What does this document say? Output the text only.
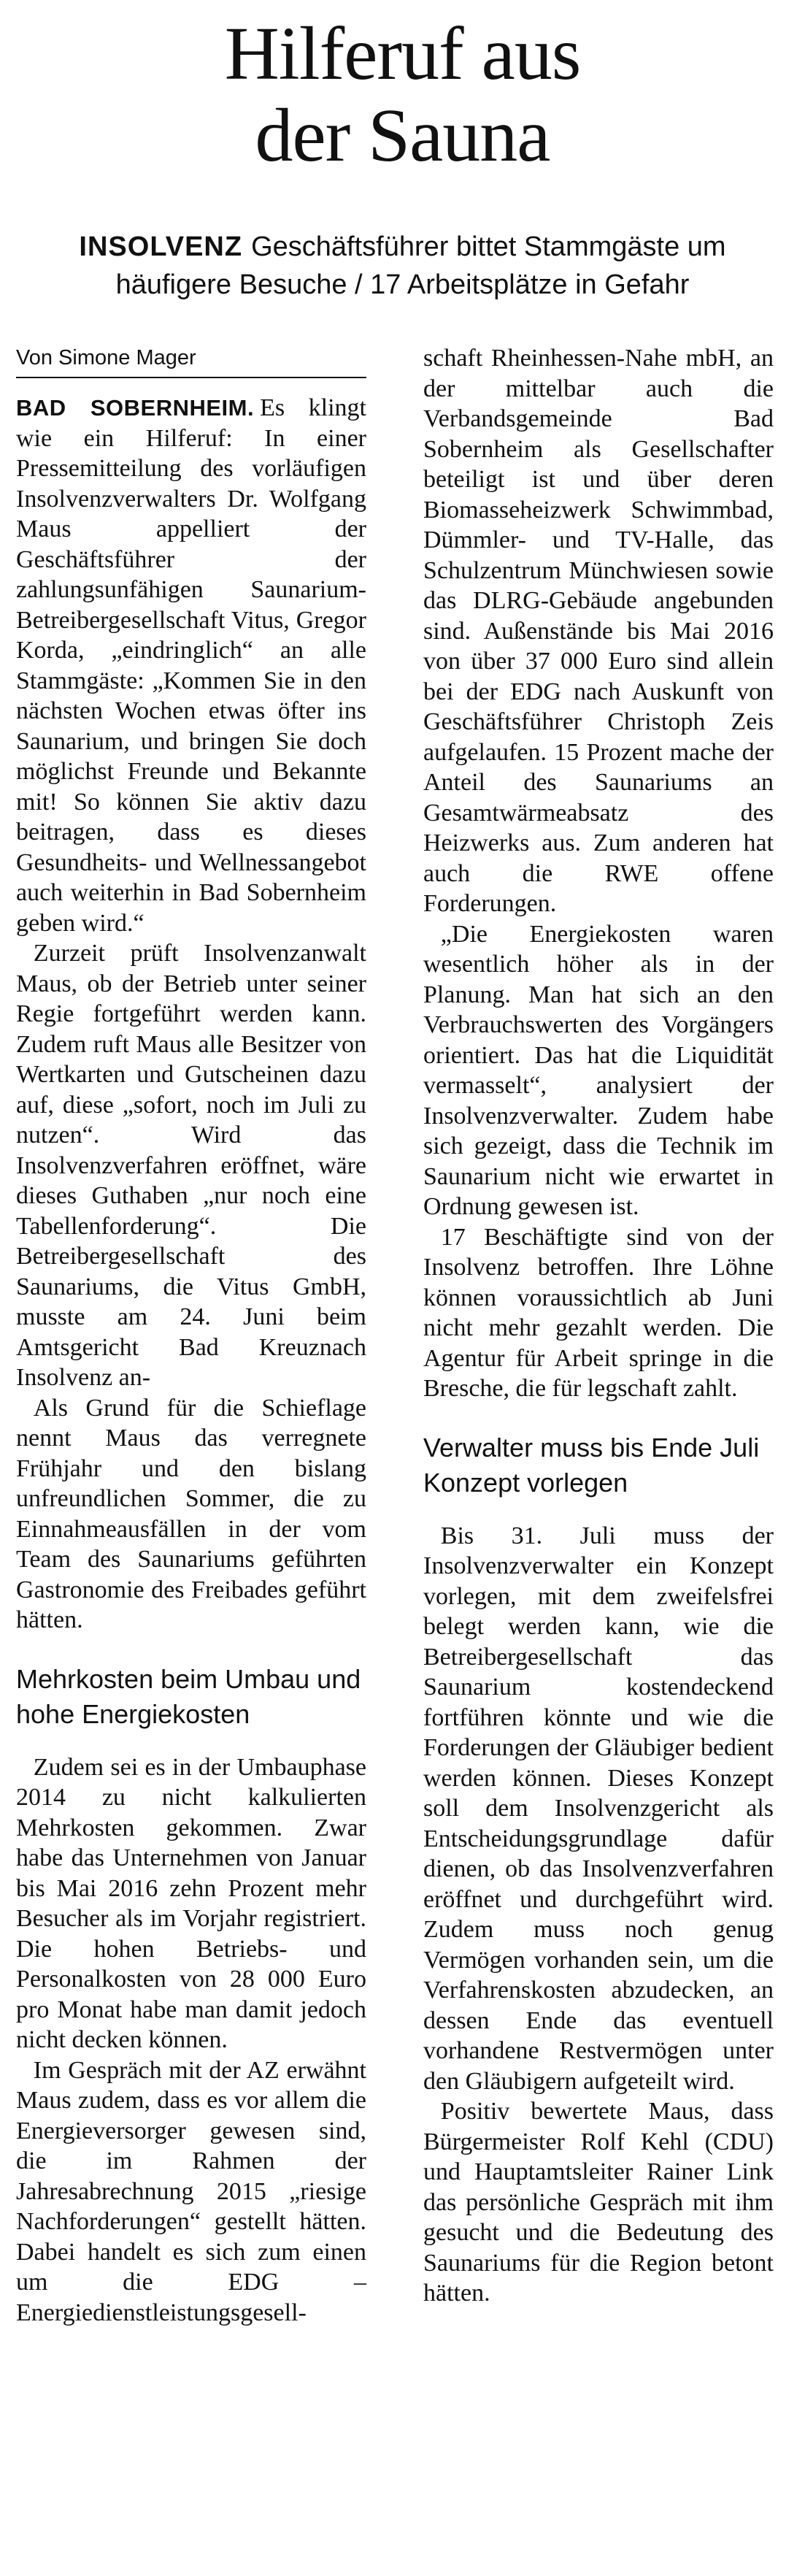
Hilferuf aus
der Sauna
INSOLVENZ Geschäftsführer bittet Stammgäste um häufigere Besuche / 17 Arbeitsplätze in Gefahr
Von Simone Mager

BAD SOBERNHEIM. Es klingt wie ein Hilferuf: In einer Pressemitteilung des vorläufigen Insolvenzverwalters Dr. Wolfgang Maus appelliert der Geschäftsführer der zahlungsunfähigen Saunarium-Betreibergesellschaft Vitus, Gregor Korda, „eindringlich“ an alle Stammgäste: „Kommen Sie in den nächsten Wochen etwas öfter ins Saunarium, und bringen Sie doch möglichst Freunde und Bekannte mit! So können Sie aktiv dazu beitragen, dass es dieses Gesundheits- und Wellnessangebot auch weiterhin in Bad Sobernheim geben wird.“

Zurzeit prüft Insolvenzanwalt Maus, ob der Betrieb unter seiner Regie fortgeführt werden kann. Zudem ruft Maus alle Besitzer von Wertkarten und Gutscheinen dazu auf, diese „sofort, noch im Juli zu nutzen“. Wird das Insolvenzverfahren eröffnet, wäre dieses Guthaben „nur noch eine Tabellenforderung“. Die Betreibergesellschaft des Saunariums, die Vitus GmbH, musste am 24. Juni beim Amtsgericht Bad Kreuznach Insolvenz an-

Als Grund für die Schieflage nennt Maus das verregnete Frühjahr und den bislang unfreundlichen Sommer, die zu Einnahmeausfällen in der vom Team des Saunariums geführten Gastronomie des Freibades geführt hätten.

Mehrkosten beim Umbau und hohe Energiekosten

Zudem sei es in der Umbauphase 2014 zu nicht kalkulierten Mehrkosten gekommen. Zwar habe das Unternehmen von Januar bis Mai 2016 zehn Prozent mehr Besucher als im Vorjahr registriert. Die hohen Betriebs- und Personalkosten von 28 000 Euro pro Monat habe man damit jedoch nicht decken können.

Im Gespräch mit der AZ erwähnt Maus zudem, dass es vor allem die Energieversorger gewesen sind, die im Rahmen der Jahresabrechnung 2015 „riesige Nachforderungen“ gestellt hätten. Dabei handelt es sich zum einen um die EDG – Energiedienstleistungsgesell-

schaft Rheinhessen-Nahe mbH, an der mittelbar auch die Verbandsgemeinde Bad Sobernheim als Gesellschafter beteiligt ist und über deren Biomasseheizwerk Schwimmbad, Dümmler- und TV-Halle, das Schulzentrum Münchwiesen sowie das DLRG-Gebäude angebunden sind. Außenstände bis Mai 2016 von über 37 000 Euro sind allein bei der EDG nach Auskunft von Geschäftsführer Christoph Zeis aufgelaufen. 15 Prozent mache der Anteil des Saunariums an Gesamtwärmeabsatz des Heizwerks aus. Zum anderen hat auch die RWE offene Forderungen.

„Die Energiekosten waren wesentlich höher als in der Planung. Man hat sich an den Verbrauchswerten des Vorgängers orientiert. Das hat die Liquidität vermasselt“, analysiert der Insolvenzverwalter. Zudem habe sich gezeigt, dass die Technik im Saunarium nicht wie erwartet in Ordnung gewesen ist.

17 Beschäftigte sind von der Insolvenz betroffen. Ihre Löhne können voraussichtlich ab Juni nicht mehr gezahlt werden. Die Agentur für Arbeit springe in die Bresche, die für legschaft zahlt.

Verwalter muss bis Ende Juli Konzept vorlegen

Bis 31. Juli muss der Insolvenzverwalter ein Konzept vorlegen, mit dem zweifelsfrei belegt werden kann, wie die Betreibergesellschaft das Saunarium kostendeckend fortführen könnte und wie die Forderungen der Gläubiger bedient werden können. Dieses Konzept soll dem Insolvenzgericht als Entscheidungsgrundlage dafür dienen, ob das Insolvenzverfahren eröffnet und durchgeführt wird. Zudem muss noch genug Vermögen vorhanden sein, um die Verfahrenskosten abzudecken, an dessen Ende das eventuell vorhandene Restvermögen unter den Gläubigern aufgeteilt wird.

Positiv bewertete Maus, dass Bürgermeister Rolf Kehl (CDU) und Hauptamtsleiter Rainer Link das persönliche Gespräch mit ihm gesucht und die Bedeutung des Saunariums für die Region betont hätten.
